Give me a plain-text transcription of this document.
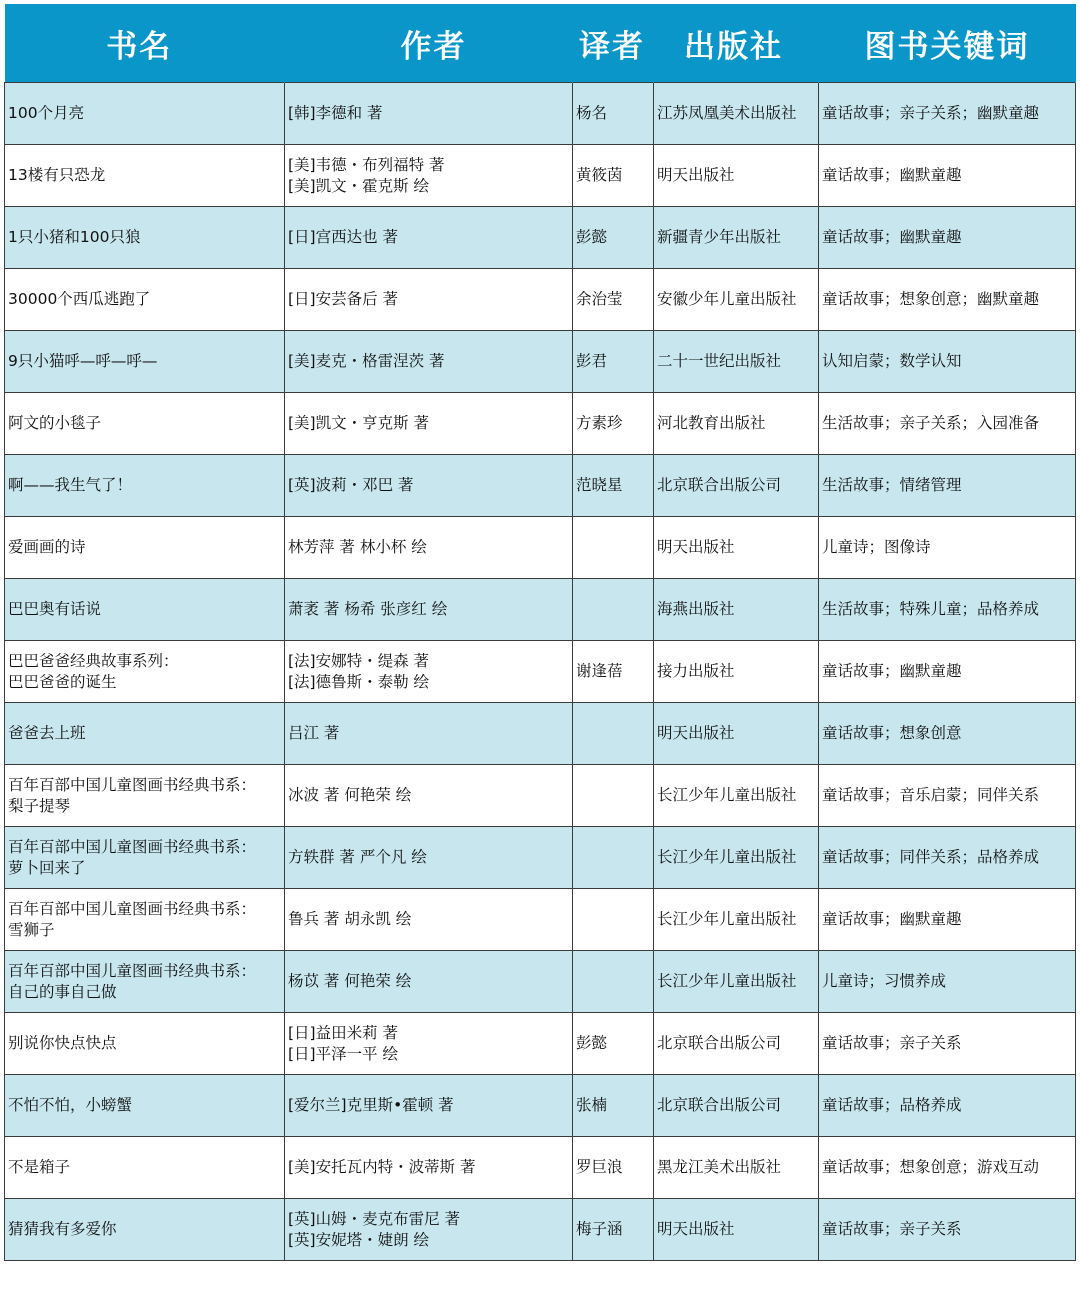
书名	作者	译者	出版社	图书关键词

100个月亮	[韩]李德和 著	杨名	江苏凤凰美术出版社	童话故事；亲子关系；幽默童趣

13楼有只恐龙	[美]韦德・布列福特 著
[美]凯文・霍克斯 绘	黄筱茵	明天出版社	童话故事；幽默童趣

1只小猪和100只狼	[日]宫西达也 著	彭懿	新疆青少年出版社	童话故事；幽默童趣

30000个西瓜逃跑了	[日]安芸备后 著	余治莹	安徽少年儿童出版社	童话故事；想象创意；幽默童趣

9只小猫呼—呼—呼—	[美]麦克・格雷涅茨 著	彭君	二十一世纪出版社	认知启蒙；数学认知

阿文的小毯子	[美]凯文・亨克斯 著	方素珍	河北教育出版社	生活故事；亲子关系；入园准备

啊——我生气了！	[英]波莉・邓巴 著	范晓星	北京联合出版公司	生活故事；情绪管理

爱画画的诗	林芳萍 著 林小杯 绘		明天出版社	儿童诗；图像诗

巴巴奥有话说	萧袤 著 杨希 张彦红 绘		海燕出版社	生活故事；特殊儿童；品格养成

巴巴爸爸经典故事系列：
巴巴爸爸的诞生	[法]安娜特・缇森 著
[法]德鲁斯・泰勒 绘	谢逢蓓	接力出版社	童话故事；幽默童趣

爸爸去上班	吕江 著		明天出版社	童话故事；想象创意

百年百部中国儿童图画书经典书系：
梨子提琴	冰波 著 何艳荣 绘		长江少年儿童出版社	童话故事；音乐启蒙；同伴关系

百年百部中国儿童图画书经典书系：
萝卜回来了	方轶群 著 严个凡 绘		长江少年儿童出版社	童话故事；同伴关系；品格养成

百年百部中国儿童图画书经典书系：
雪狮子	鲁兵 著 胡永凯 绘		长江少年儿童出版社	童话故事；幽默童趣

百年百部中国儿童图画书经典书系：
自己的事自己做	杨苡 著 何艳荣 绘		长江少年儿童出版社	儿童诗；习惯养成

别说你快点快点	[日]益田米莉 著
[日]平泽一平 绘	彭懿	北京联合出版公司	童话故事；亲子关系

不怕不怕，小螃蟹	[爱尔兰]克里斯•霍顿 著	张楠	北京联合出版公司	童话故事；品格养成

不是箱子	[美]安托瓦内特・波蒂斯 著	罗巨浪	黑龙江美术出版社	童话故事；想象创意；游戏互动

猜猜我有多爱你	[英]山姆・麦克布雷尼 著
[英]安妮塔・婕朗 绘	梅子涵	明天出版社	童话故事；亲子关系
